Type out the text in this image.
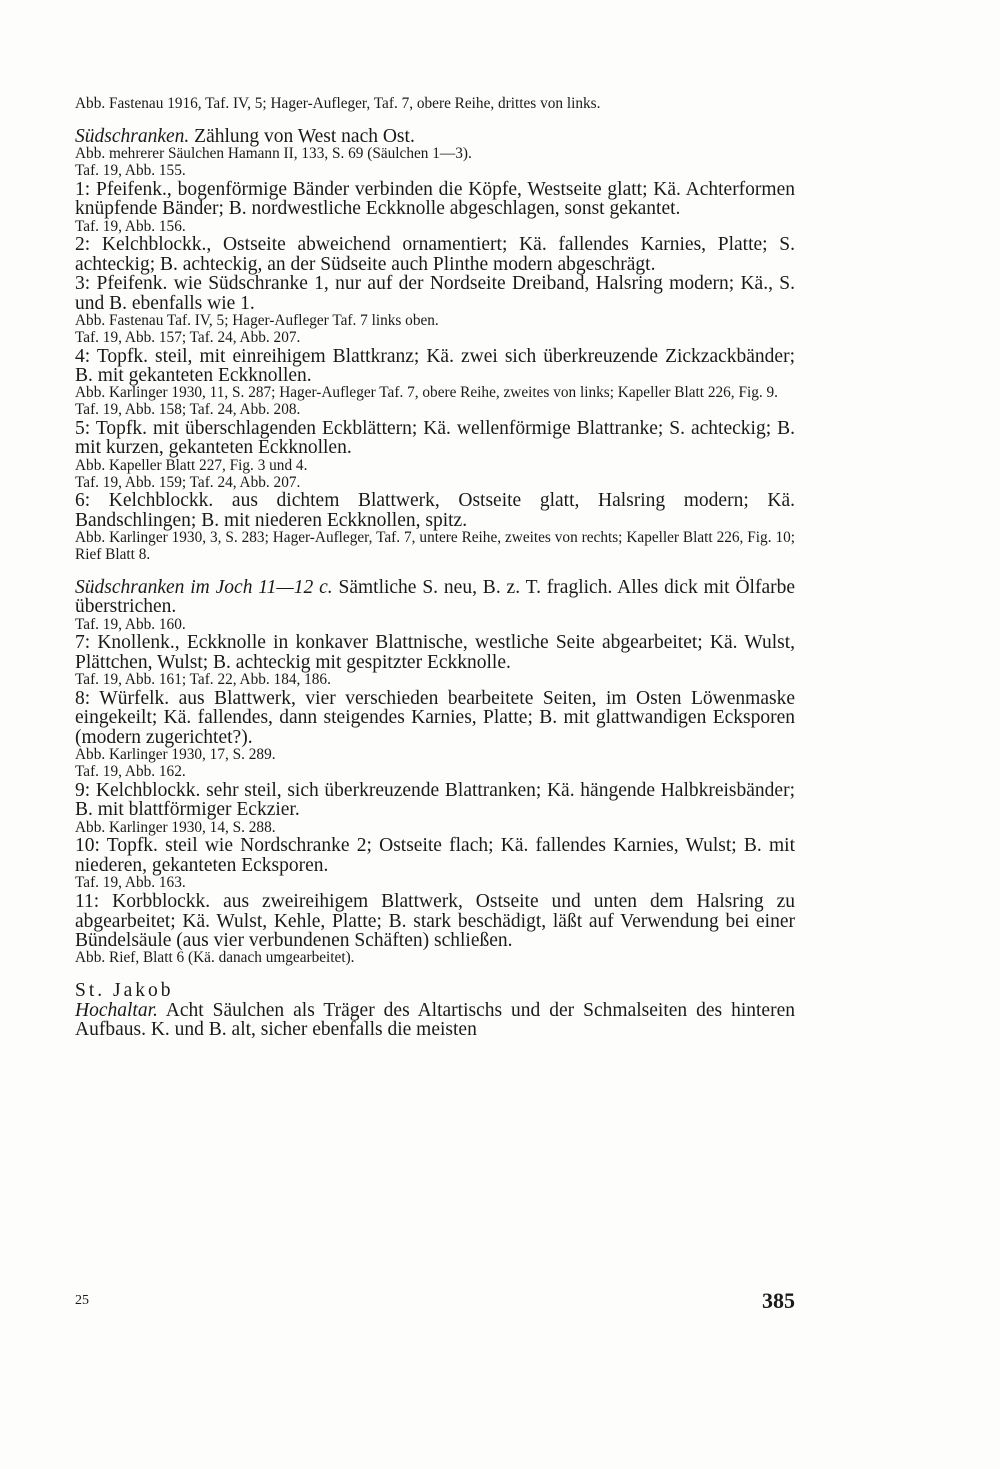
Abb. Fastenau 1916, Taf. IV, 5; Hager-Aufleger, Taf. 7, obere Reihe, drittes von links.

Südschranken. Zählung von West nach Ost.

Abb. mehrerer Säulchen Hamann II, 133, S. 69 (Säulchen 1—3).

Taf. 19, Abb. 155.

1: Pfeifenk., bogenförmige Bänder verbinden die Köpfe, Westseite glatt; Kä. Achterformen knüpfende Bänder; B. nordwestliche Eckknolle abgeschlagen, sonst gekantet.

Taf. 19, Abb. 156.

2: Kelchblockk., Ostseite abweichend ornamentiert; Kä. fallendes Karnies, Platte; S. achteckig; B. achteckig, an der Südseite auch Plinthe modern abgeschrägt.

3: Pfeifenk. wie Südschranke 1, nur auf der Nordseite Dreiband, Halsring modern; Kä., S. und B. ebenfalls wie 1.

Abb. Fastenau Taf. IV, 5; Hager-Aufleger Taf. 7 links oben.

Taf. 19, Abb. 157; Taf. 24, Abb. 207.

4: Topfk. steil, mit einreihigem Blattkranz; Kä. zwei sich überkreuzende Zickzackbänder; B. mit gekanteten Eckknollen.

Abb. Karlinger 1930, 11, S. 287; Hager-Aufleger Taf. 7, obere Reihe, zweites von links; Kapeller Blatt 226, Fig. 9.

Taf. 19, Abb. 158; Taf. 24, Abb. 208.

5: Topfk. mit überschlagenden Eckblättern; Kä. wellenförmige Blattranke; S. achteckig; B. mit kurzen, gekanteten Eckknollen.

Abb. Kapeller Blatt 227, Fig. 3 und 4.

Taf. 19, Abb. 159; Taf. 24, Abb. 207.

6: Kelchblockk. aus dichtem Blattwerk, Ostseite glatt, Halsring modern; Kä. Bandschlingen; B. mit niederen Eckknollen, spitz.

Abb. Karlinger 1930, 3, S. 283; Hager-Aufleger, Taf. 7, untere Reihe, zweites von rechts; Kapeller Blatt 226, Fig. 10; Rief Blatt 8.

Südschranken im Joch 11—12 c. Sämtliche S. neu, B. z. T. fraglich. Alles dick mit Ölfarbe überstrichen.

Taf. 19, Abb. 160.

7: Knollenk., Eckknolle in konkaver Blattnische, westliche Seite abgearbeitet; Kä. Wulst, Plättchen, Wulst; B. achteckig mit gespitzter Eckknolle.

Taf. 19, Abb. 161; Taf. 22, Abb. 184, 186.

8: Würfelk. aus Blattwerk, vier verschieden bearbeitete Seiten, im Osten Löwenmaske eingekeilt; Kä. fallendes, dann steigendes Karnies, Platte; B. mit glattwandigen Ecksporen (modern zugerichtet?).

Abb. Karlinger 1930, 17, S. 289.

Taf. 19, Abb. 162.

9: Kelchblockk. sehr steil, sich überkreuzende Blattranken; Kä. hängende Halbkreisbänder; B. mit blattförmiger Eckzier.

Abb. Karlinger 1930, 14, S. 288.

10: Topfk. steil wie Nordschranke 2; Ostseite flach; Kä. fallendes Karnies, Wulst; B. mit niederen, gekanteten Ecksporen.

Taf. 19, Abb. 163.

11: Korbblockk. aus zweireihigem Blattwerk, Ostseite und unten dem Halsring zu abgearbeitet; Kä. Wulst, Kehle, Platte; B. stark beschädigt, läßt auf Verwendung bei einer Bündelsäule (aus vier verbundenen Schäften) schließen.

Abb. Rief, Blatt 6 (Kä. danach umgearbeitet).

St. Jakob

Hochaltar. Acht Säulchen als Träger des Altartischs und der Schmalseiten des hinteren Aufbaus. K. und B. alt, sicher ebenfalls die meisten

25	385
